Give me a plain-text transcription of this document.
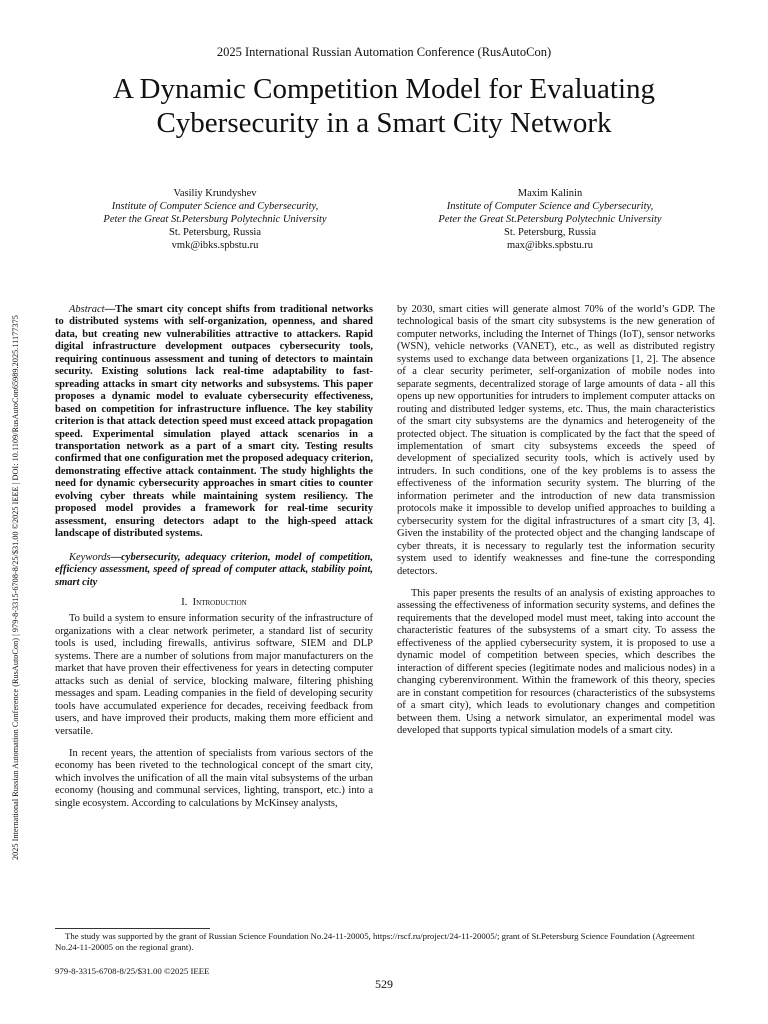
2025 International Russian Automation Conference (RusAutoCon)
A Dynamic Competition Model for Evaluating
Cybersecurity in a Smart City Network
2025 International Russian Automation Conference (RusAutoCon) | 979-8-3315-6708-8/25/$31.00 ©2025 IEEE | DOI: 10.1109/RusAutoCon65989.2025.11177375
Vasiliy Krundyshev
Institute of Computer Science and Cybersecurity,
Peter the Great St.Petersburg Polytechnic University
St. Petersburg, Russia
vmk@ibks.spbstu.ru
Maxim Kalinin
Institute of Computer Science and Cybersecurity,
Peter the Great St.Petersburg Polytechnic University
St. Petersburg, Russia
max@ibks.spbstu.ru

Abstract—The smart city concept shifts from traditional networks to distributed systems with self-organization, openness, and shared data, but creating new vulnerabilities attractive to attackers. Rapid digital infrastructure development outpaces cybersecurity tools, requiring continuous assessment and tuning of detectors to maintain security. Existing solutions lack real-time adaptability to fast-spreading attacks in smart city networks and subsystems. This paper proposes a dynamic model to evaluate cybersecurity effectiveness, based on competition for infrastructure influence. The key stability criterion is that attack detection speed must exceed attack propagation speed. Experimental simulation played attack scenarios in a transportation network as a part of a smart city. Testing results confirmed that one configuration met the proposed adequacy criterion, demonstrating effective attack containment. The study highlights the need for dynamic cybersecurity approaches in smart cities to counter evolving cyber threats while maintaining system resiliency. The proposed model provides a framework for real-time security assessment, ensuring detectors adapt to the high-speed attack landscape of distributed systems.

Keywords—cybersecurity, adequacy criterion, model of competition, efficiency assessment, speed of spread of computer attack, stability point, smart city

I. Introduction

To build a system to ensure information security of the infrastructure of organizations with a clear network perimeter, a standard list of security tools is used, including firewalls, antivirus software, SIEM and DLP systems. There are a number of solutions from major manufacturers on the market that have proven their effectiveness for years in detecting computer attacks such as denial of service, blocking malware, filtering phishing messages and spam. Leading companies in the field of developing security tools have accumulated experience for decades, receiving feedback from users, and have improved their products, making them more efficient and versatile.

In recent years, the attention of specialists from various sectors of the economy has been riveted to the technological concept of the smart city, which involves the unification of all the main vital subsystems of the urban economy (housing and communal services, lighting, transport, etc.) into a single ecosystem. According to calculations by McKinsey analysts,

by 2030, smart cities will generate almost 70% of the world’s GDP. The technological basis of the smart city subsystems is the new generation of computer networks, including the Internet of Things (IoT), sensor networks (WSN), vehicle networks (VANET), etc., as well as distributed registry systems used to exchange data between organizations [1, 2]. The absence of a clear security perimeter, self-organization of mobile nodes into separate segments, decentralized storage of large amounts of data - all this opens up new opportunities for intruders to implement computer attacks on routing and distributed ledger systems, etc. Thus, the main characteristics of the smart city subsystems are the dynamics and heterogeneity of the protected object. The situation is complicated by the fact that the speed of implementation of smart city subsystems exceeds the speed of development of specialized security tools, which is actively used by intruders. In such conditions, one of the key problems is to assess the effectiveness of the information security system. The blurring of the information perimeter and the introduction of new data transmission protocols make it impossible to develop unified approaches to building a cybersecurity system for the digital infrastructures of a smart city [3, 4]. Given the instability of the protected object and the changing landscape of cyber threats, it is necessary to regularly test the information security system used to identify weaknesses and fine-tune the corresponding detectors.

This paper presents the results of an analysis of existing approaches to assessing the effectiveness of information security systems, and defines the requirements that the developed model must meet, taking into account the characteristic features of the subsystems of a smart city. To assess the effectiveness of the applied cybersecurity system, it is proposed to use a dynamic model of competition between species, which describes the interaction of different species (legitimate nodes and malicious nodes) in a changing cyberenvironment. Within the framework of this theory, species are in constant competition for resources (characteristics of the subsystems of a smart city), which leads to evolutionary changes and competition between them. Using a network simulator, an experimental model was developed that supports typical simulation models of a smart city.

The study was supported by the grant of Russian Science Foundation No.24-11-20005, https://rscf.ru/project/24-11-20005/; grant of St.Petersburg Science Foundation (Agreement No.24-11-20005 on the regional grant).
979-8-3315-6708-8/25/$31.00 ©2025 IEEE
529
